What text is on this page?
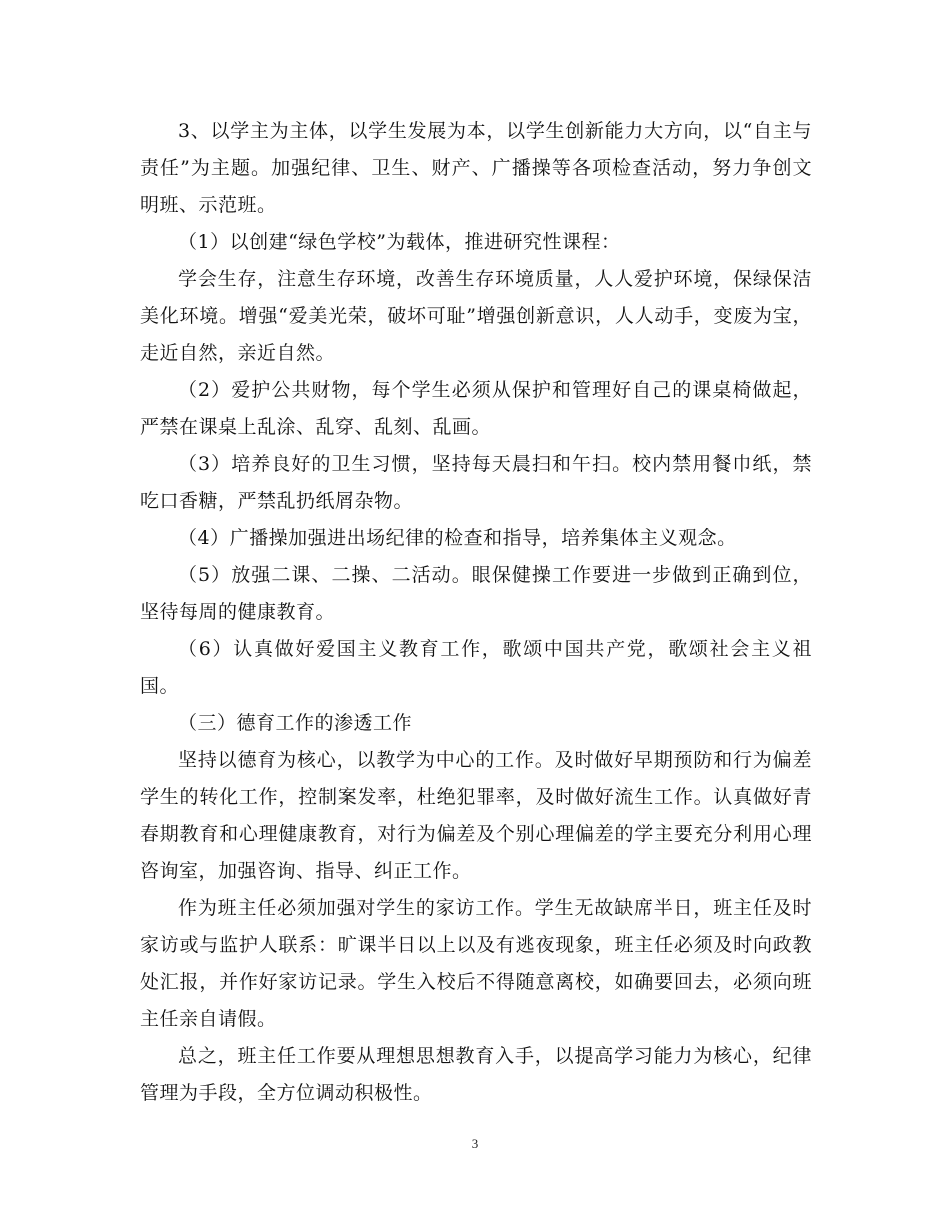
3、以学主为主体，以学生发展为本，以学生创新能力大方向，以“自主与责任”为主题。加强纪律、卫生、财产、广播操等各项检查活动，努力争创文明班、示范班。

（1）以创建“绿色学校”为载体，推进研究性课程：

学会生存，注意生存环境，改善生存环境质量，人人爱护环境，保绿保洁美化环境。增强“爱美光荣，破坏可耻”增强创新意识，人人动手，变废为宝，走近自然，亲近自然。

（2）爱护公共财物，每个学生必须从保护和管理好自己的课桌椅做起，严禁在课桌上乱涂、乱穿、乱刻、乱画。

（3）培养良好的卫生习惯，坚持每天晨扫和午扫。校内禁用餐巾纸，禁吃口香糖，严禁乱扔纸屑杂物。

（4）广播操加强进出场纪律的检查和指导，培养集体主义观念。

（5）放强二课、二操、二活动。眼保健操工作要进一步做到正确到位，坚待每周的健康教育。

（6）认真做好爱国主义教育工作，歌颂中国共产党，歌颂社会主义祖国。

（三）德育工作的渗透工作

坚持以德育为核心，以教学为中心的工作。及时做好早期预防和行为偏差学生的转化工作，控制案发率，杜绝犯罪率，及时做好流生工作。认真做好青春期教育和心理健康教育，对行为偏差及个别心理偏差的学主要充分利用心理咨询室，加强咨询、指导、纠正工作。

作为班主任必须加强对学生的家访工作。学生无故缺席半日，班主任及时家访或与监护人联系：旷课半日以上以及有逃夜现象，班主任必须及时向政教处汇报，并作好家访记录。学生入校后不得随意离校，如确要回去，必须向班主任亲自请假。

总之，班主任工作要从理想思想教育入手，以提高学习能力为核心，纪律管理为手段，全方位调动积极性。

3
